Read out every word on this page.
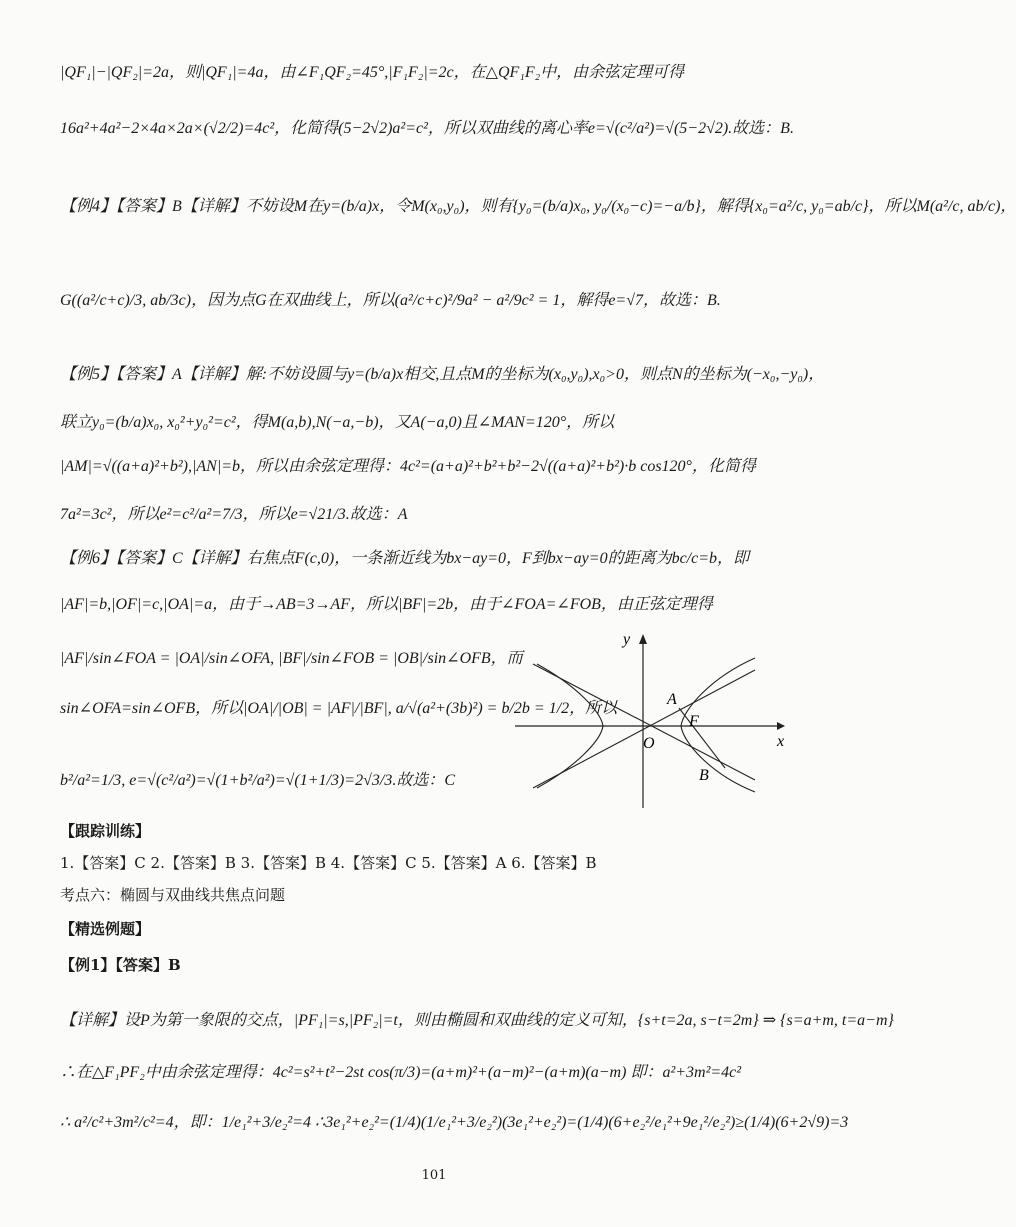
|QF₁|−|QF₂|=2a，则|QF₁|=4a，由∠F₁QF₂=45°,|F₁F₂|=2c，在△QF₁F₂中，由余弦定理可得
16a²+4a²−2×4a×2a×(√2/2)=4c²，化简得(5−2√2)a²=c²，所以双曲线的离心率e=√(c²/a²)=√(5−2√2).故选：B.
【例4】【答案】B【详解】不妨设M在y=(b/a)x，令M(x₀,y₀)，则有{y₀=(b/a)x₀, y₀/(x₀−c)=−a/b}，解得{x₀=a²/c, y₀=ab/c}，所以M(a²/c, ab/c)，
G((a²/c+c)/3, ab/3c)，因为点G在双曲线上，所以(a²/c+c)²/9a² − a²/9c² = 1，解得e=√7，故选：B.
【例5】【答案】A【详解】解:不妨设圆与y=(b/a)x相交,且点M的坐标为(x₀,y₀),x₀>0，则点N的坐标为(−x₀,−y₀)，
联立y₀=(b/a)x₀, x₀²+y₀²=c²，得M(a,b),N(−a,−b)，又A(−a,0)且∠MAN=120°，所以
|AM|=√((a+a)²+b²),|AN|=b，所以由余弦定理得：4c²=(a+a)²+b²+b²−2√((a+a)²+b²)·b cos120°，化简得
7a²=3c²，所以e²=c²/a²=7/3，所以e=√21/3.故选：A
【例6】【答案】C【详解】右焦点F(c,0)，一条渐近线为bx−ay=0，F到bx−ay=0的距离为bc/c=b，即
|AF|=b,|OF|=c,|OA|=a，由于→AB=3→AF，所以|BF|=2b，由于∠FOA=∠FOB，由正弦定理得
|AF|/sin∠FOA = |OA|/sin∠OFA, |BF|/sin∠FOB = |OB|/sin∠OFB，而
sin∠OFA=sin∠OFB，所以|OA|/|OB| = |AF|/|BF|, a/√(a²+(3b)²) = b/2b = 1/2，所以
b²/a²=1/3, e=√(c²/a²)=√(1+b²/a²)=√(1+1/3)=2√3/3.故选：C
【跟踪训练】
1.【答案】C 2.【答案】B 3.【答案】B 4.【答案】C 5.【答案】A 6.【答案】B
考点六：椭圆与双曲线共焦点问题
【精选例题】
【例1】【答案】B
【详解】设P为第一象限的交点，|PF₁|=s,|PF₂|=t，则由椭圆和双曲线的定义可知，{s+t=2a, s−t=2m} ⇒ {s=a+m, t=a−m}
∴在△F₁PF₂中由余弦定理得：4c²=s²+t²−2st cos(π/3)=(a+m)²+(a−m)²−(a+m)(a−m) 即：a²+3m²=4c²
∴ a²/c²+3m²/c²=4，即：1/e₁²+3/e₂²=4 ∴3e₁²+e₂²=(1/4)(1/e₁²+3/e₂²)(3e₁²+e₂²)=(1/4)(6+e₂²/e₁²+9e₁²/e₂²)≥(1/4)(6+2√9)=3
y
x
O
A
F
B
101
